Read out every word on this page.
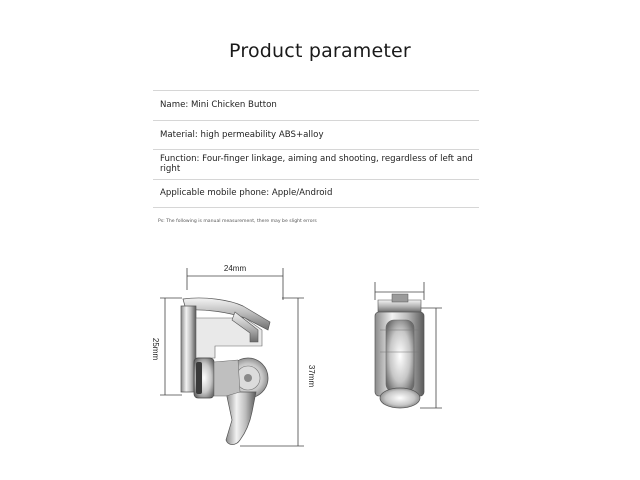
Product parameter
Name: Mini Chicken Button
Material: high permeability ABS+alloy
Function: Four-finger linkage, aiming and shooting, regardless of left and right
Applicable mobile phone: Apple/Android
Ps: The following is manual measurement, there may be slight errors
24mm
25mm
37mm
